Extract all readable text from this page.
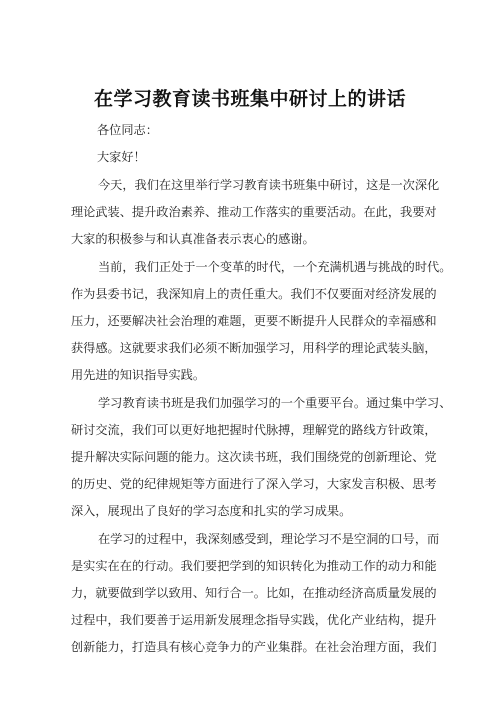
在学习教育读书班集中研讨上的讲话
各位同志：
大家好！
今天，我们在这里举行学习教育读书班集中研讨，这是一次深化
理论武装、提升政治素养、推动工作落实的重要活动。在此，我要对
大家的积极参与和认真准备表示衷心的感谢。
当前，我们正处于一个变革的时代，一个充满机遇与挑战的时代。
作为县委书记，我深知肩上的责任重大。我们不仅要面对经济发展的
压力，还要解决社会治理的难题，更要不断提升人民群众的幸福感和
获得感。这就要求我们必须不断加强学习，用科学的理论武装头脑，
用先进的知识指导实践。
学习教育读书班是我们加强学习的一个重要平台。通过集中学习、
研讨交流，我们可以更好地把握时代脉搏，理解党的路线方针政策，
提升解决实际问题的能力。这次读书班，我们围绕党的创新理论、党
的历史、党的纪律规矩等方面进行了深入学习，大家发言积极、思考
深入，展现出了良好的学习态度和扎实的学习成果。
在学习的过程中，我深刻感受到，理论学习不是空洞的口号，而
是实实在在的行动。我们要把学到的知识转化为推动工作的动力和能
力，就要做到学以致用、知行合一。比如，在推动经济高质量发展的
过程中，我们要善于运用新发展理念指导实践，优化产业结构，提升
创新能力，打造具有核心竞争力的产业集群。在社会治理方面，我们
